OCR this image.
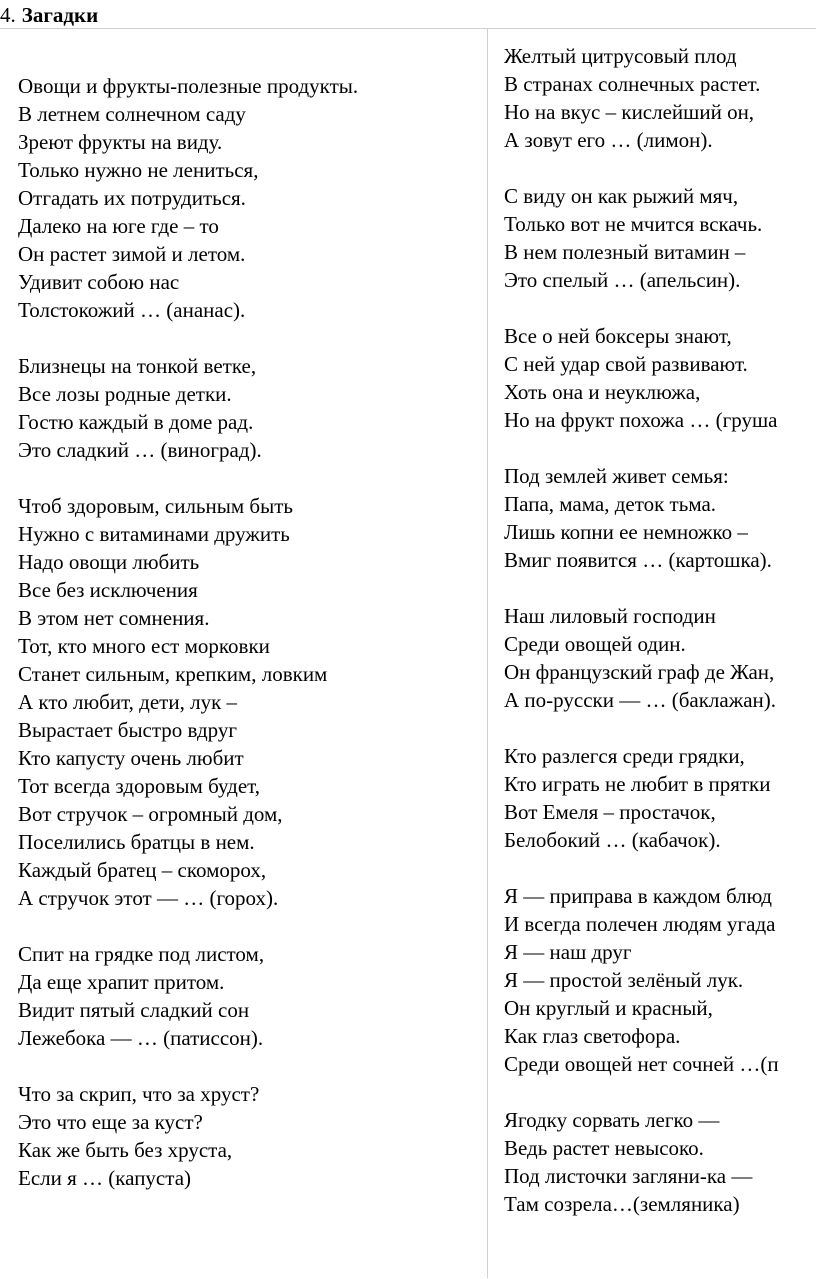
4. Загадки
Овощи и фрукты-полезные продукты.
В летнем солнечном саду
Зреют фрукты на виду.
Только нужно не лениться,
Отгадать их потрудиться.
Далеко на юге где – то
Он растет зимой и летом.
Удивит собою нас
Толстокожий … (ананас).
Близнецы на тонкой ветке,
Все лозы родные детки.
Гостю каждый в доме рад.
Это сладкий … (виноград).
Чтоб здоровым, сильным быть
Нужно с витаминами дружить
Надо овощи любить
Все без исключения
В этом нет сомнения.
Тот, кто много ест морковки
Станет сильным, крепким, ловким
А кто любит, дети, лук –
Вырастает быстро вдруг
Кто капусту очень любит
Тот всегда здоровым будет,
Вот стручок – огромный дом,
Поселились братцы в нем.
Каждый братец – скоморох,
А стручок этот — … (горох).
Спит на грядке под листом,
Да еще храпит притом.
Видит пятый сладкий сон
Лежебока — … (патиссон).
Что за скрип, что за хруст?
Это что еще за куст?
Как же быть без хруста,
Если я … (капуста)
Желтый цитрусовый плод
В странах солнечных растет.
Но на вкус – кислейший он,
А зовут его … (лимон).
С виду он как рыжий мяч,
Только вот не мчится вскачь.
В нем полезный витамин –
Это спелый … (апельсин).
Все о ней боксеры знают,
С ней удар свой развивают.
Хоть она и неуклюжа,
Но на фрукт похожа … (груша
Под землей живет семья:
Папа, мама, деток тьма.
Лишь копни ее немножко –
Вмиг появится … (картошка).
Наш лиловый господин
Среди овощей один.
Он французский граф де Жан,
А по-русски — … (баклажан).
Кто разлегся среди грядки,
Кто играть не любит в прятки
Вот Емеля – простачок,
Белобокий … (кабачок).
Я — приправа в каждом блюд
И всегда полечен людям угада
Я — наш друг
Я — простой зелёный лук.
Он круглый и красный,
Как глаз светофора.
Среди овощей нет сочней …(п
Ягодку сорвать легко —
Ведь растет невысоко.
Под листочки загляни-ка —
Там созрела…(земляника)
